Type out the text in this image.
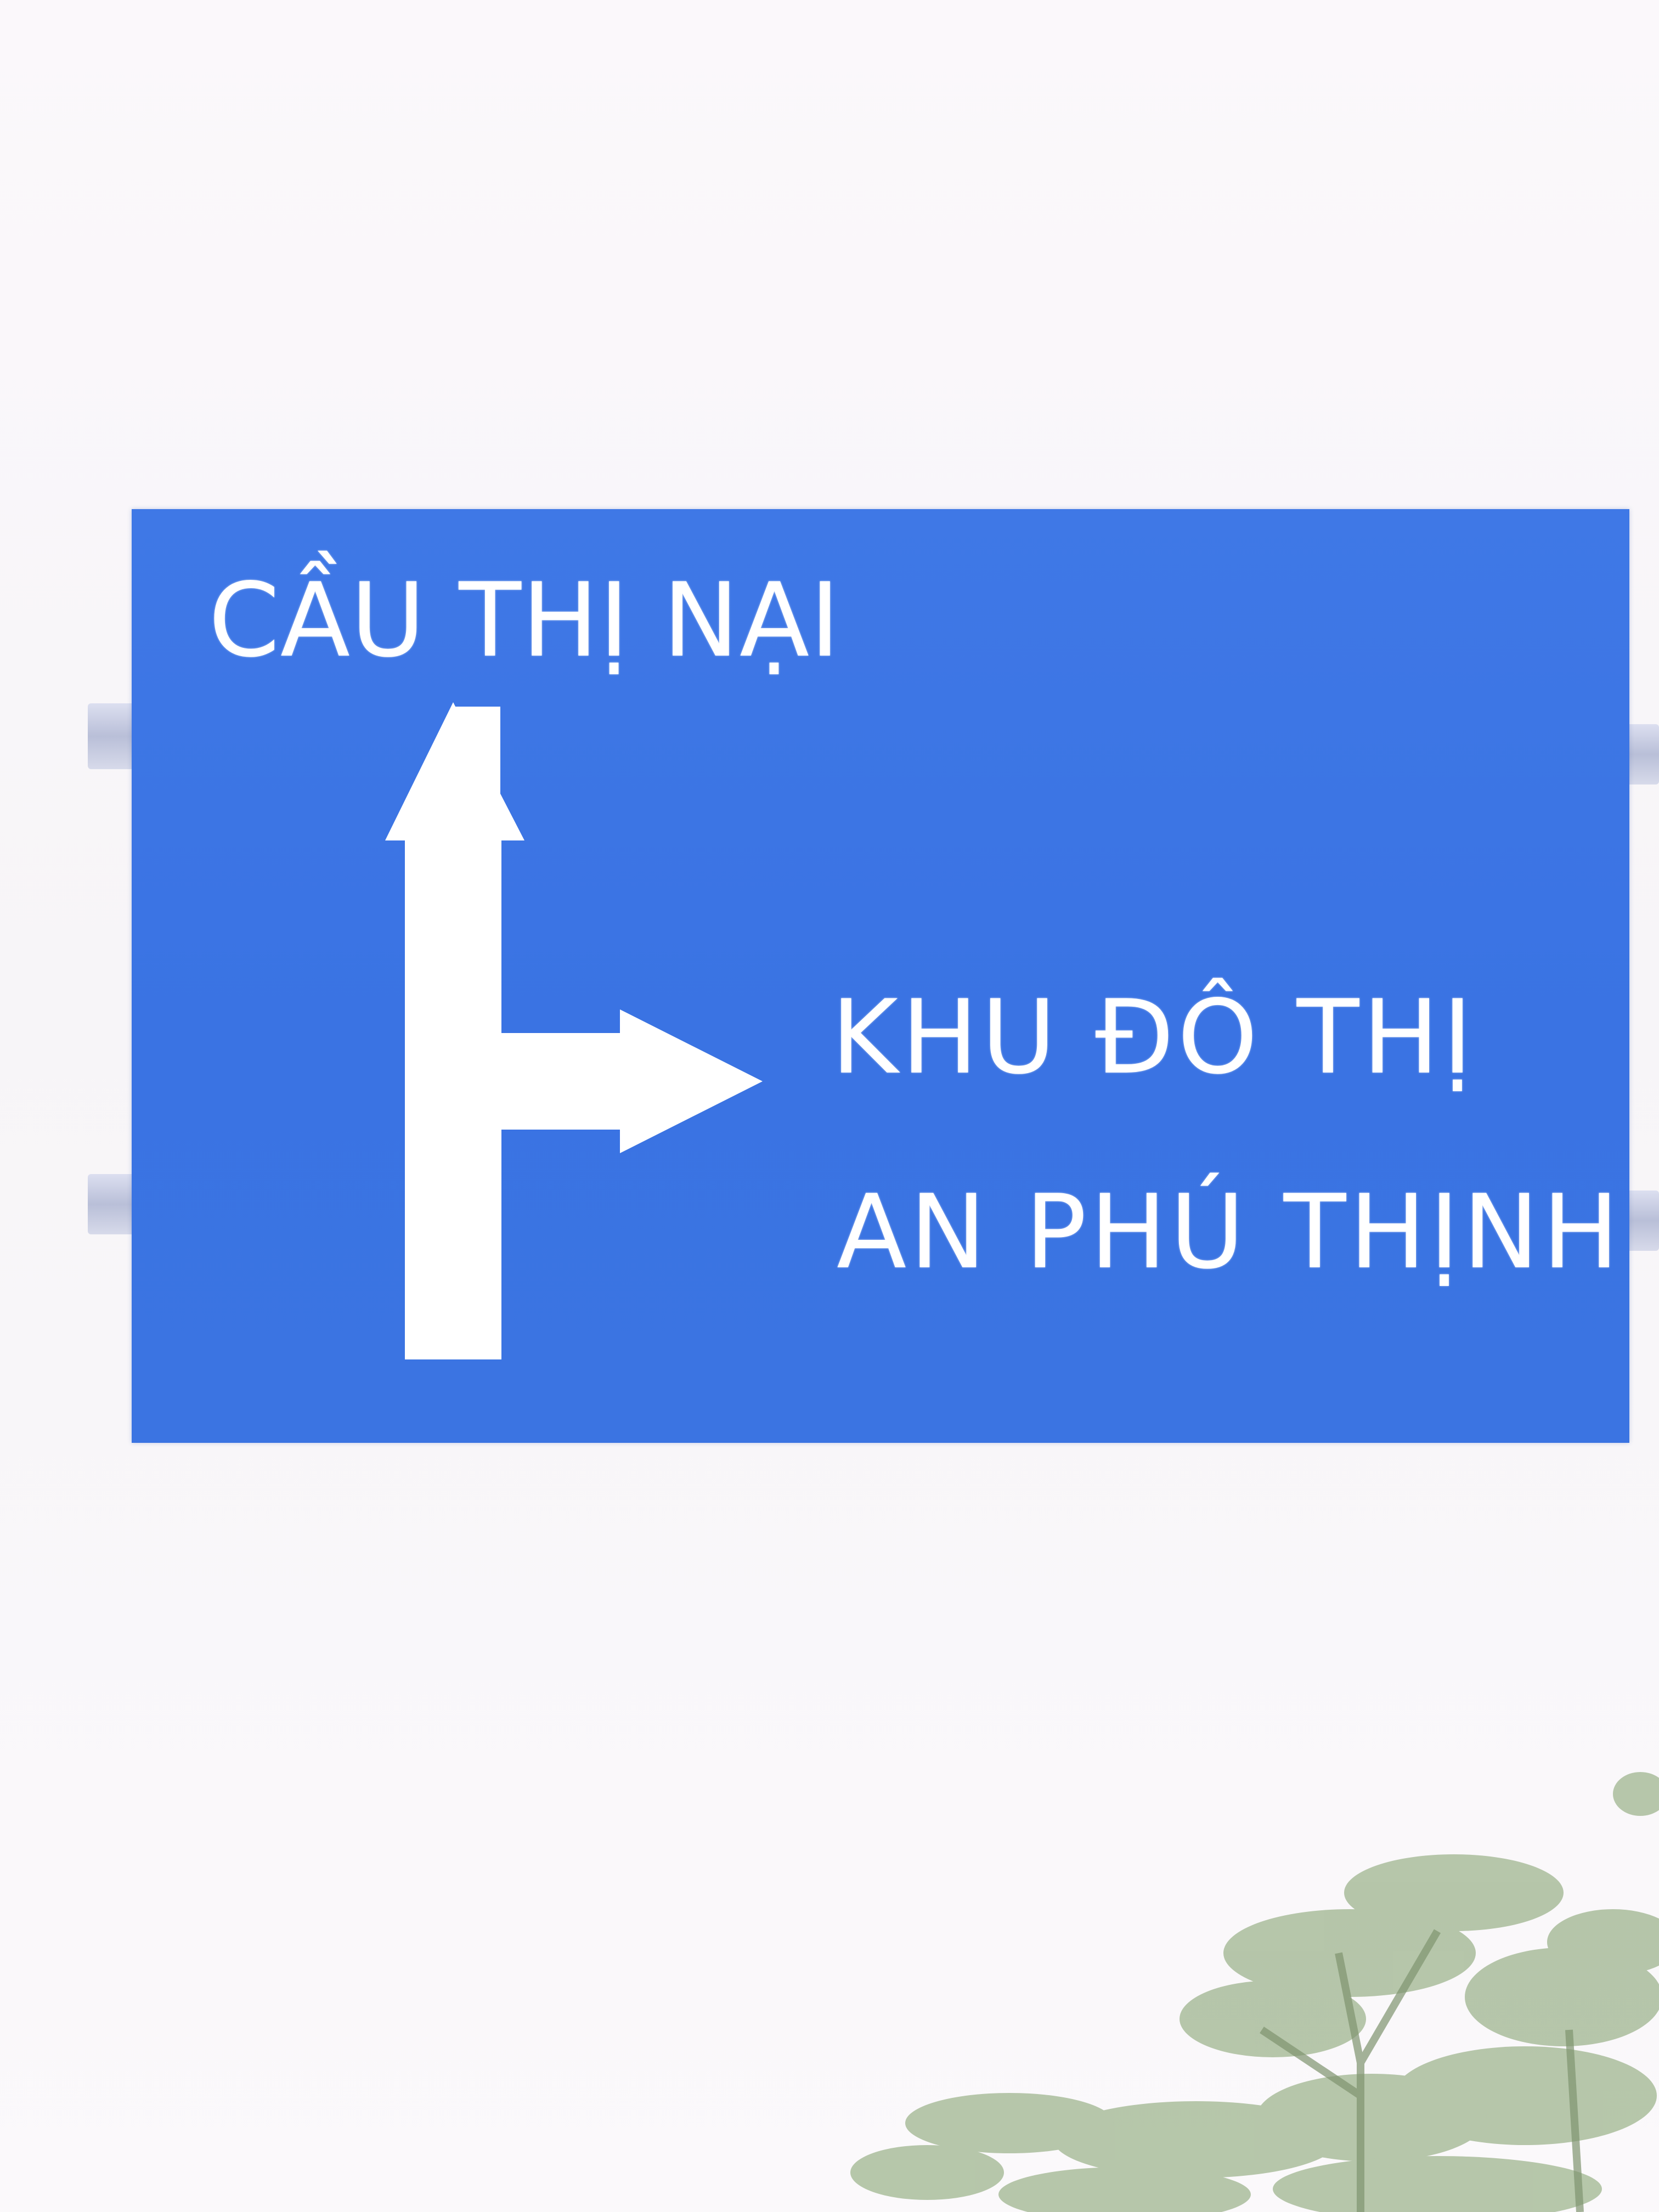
CẦU THỊ NẠI
KHU ĐÔ THỊ
AN PHÚ THỊNH
